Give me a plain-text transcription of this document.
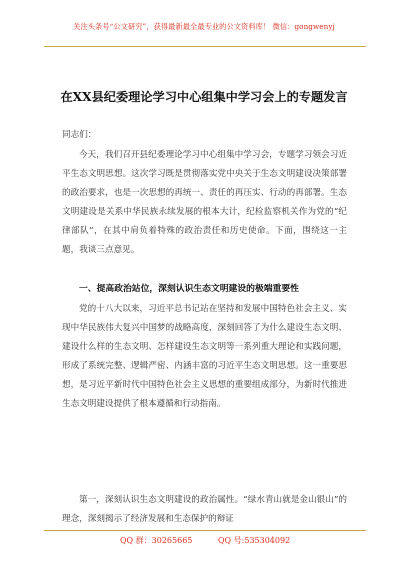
关注头条号“公文研究”，获得最新最全最专业的公文资料库！ 微信：gongwenyj
在XX县纪委理论学习中心组集中学习会上的专题发言
同志们：
今天，我们召开县纪委理论学习中心组集中学习会，专题学习领会习近平生态文明思想。这次学习既是贯彻落实党中央关于生态文明建设决策部署的政治要求，也是一次思想的再统一、责任的再压实、行动的再部署。生态文明建设是关系中华民族永续发展的根本大计，纪检监察机关作为党的“纪律部队”，在其中肩负着特殊的政治责任和历史使命。下面，围绕这一主题，我谈三点意见。
一、提高政治站位，深刻认识生态文明建设的极端重要性
党的十八大以来，习近平总书记站在坚持和发展中国特色社会主义、实现中华民族伟大复兴中国梦的战略高度，深刻回答了为什么建设生态文明、建设什么样的生态文明、怎样建设生态文明等一系列重大理论和实践问题，形成了系统完整、逻辑严密、内涵丰富的习近平生态文明思想。这一重要思想，是习近平新时代中国特色社会主义思想的重要组成部分，为新时代推进生态文明建设提供了根本遵循和行动指南。
第一，深刻认识生态文明建设的政治属性。“绿水青山就是金山银山”的理念，深刻揭示了经济发展和生态保护的辩证
QQ 群：30265665	QQ 号:535304092
